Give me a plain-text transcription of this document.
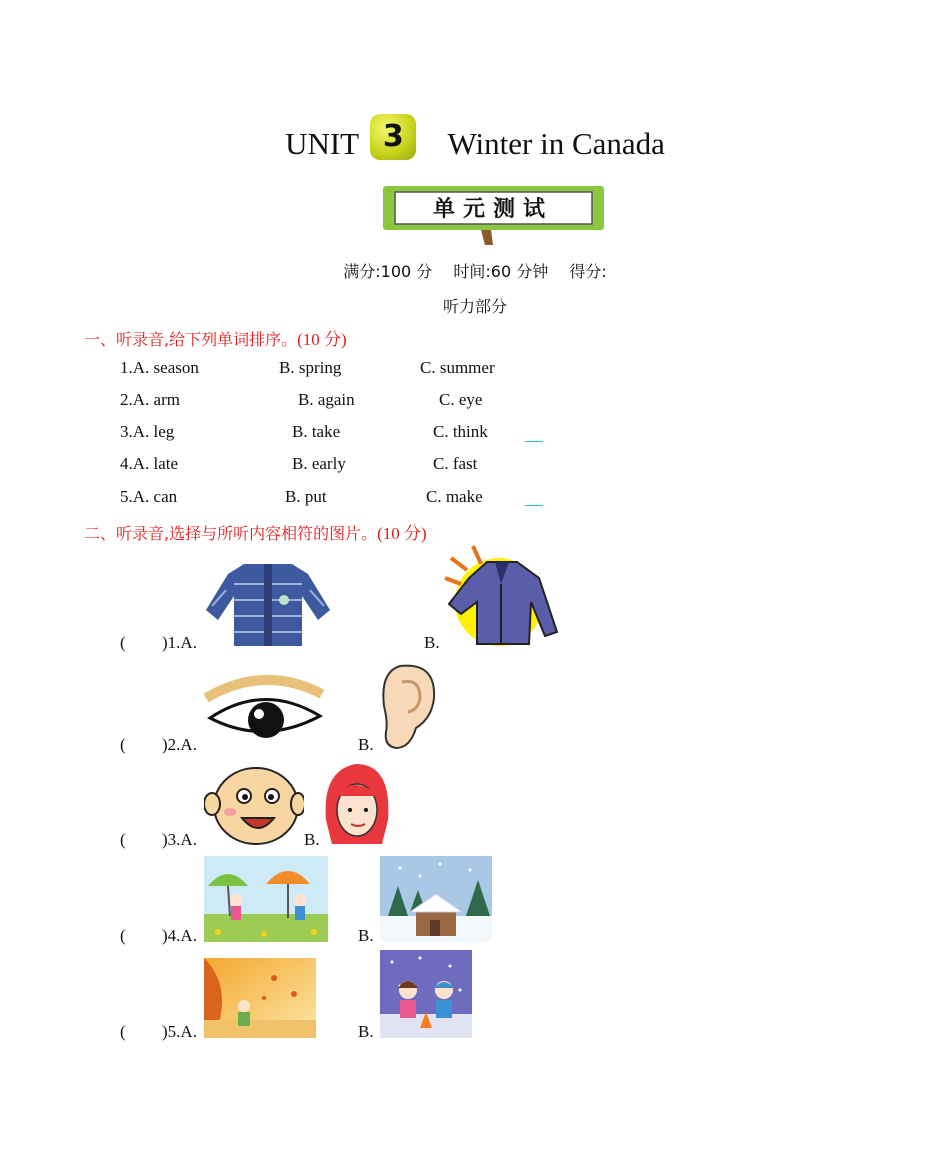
UNIT 3 Winter in Canada
单元测试
满分:100 分 时间:60 分钟 得分:
听力部分
一、听录音,给下列单词排序。(10 分)
1.A. season	B. spring	C. summer
2.A. arm	B. again	C. eye
3.A. leg	B. take	C. think
4.A. late	B. early	C. fast
5.A. can	B. put	C. make
二、听录音,选择与所听内容相符的图片。(10 分)
( )1.A.	B.
( )2.A.	B.
( )3.A.	B.
( )4.A.	B.
( )5.A.	B.
